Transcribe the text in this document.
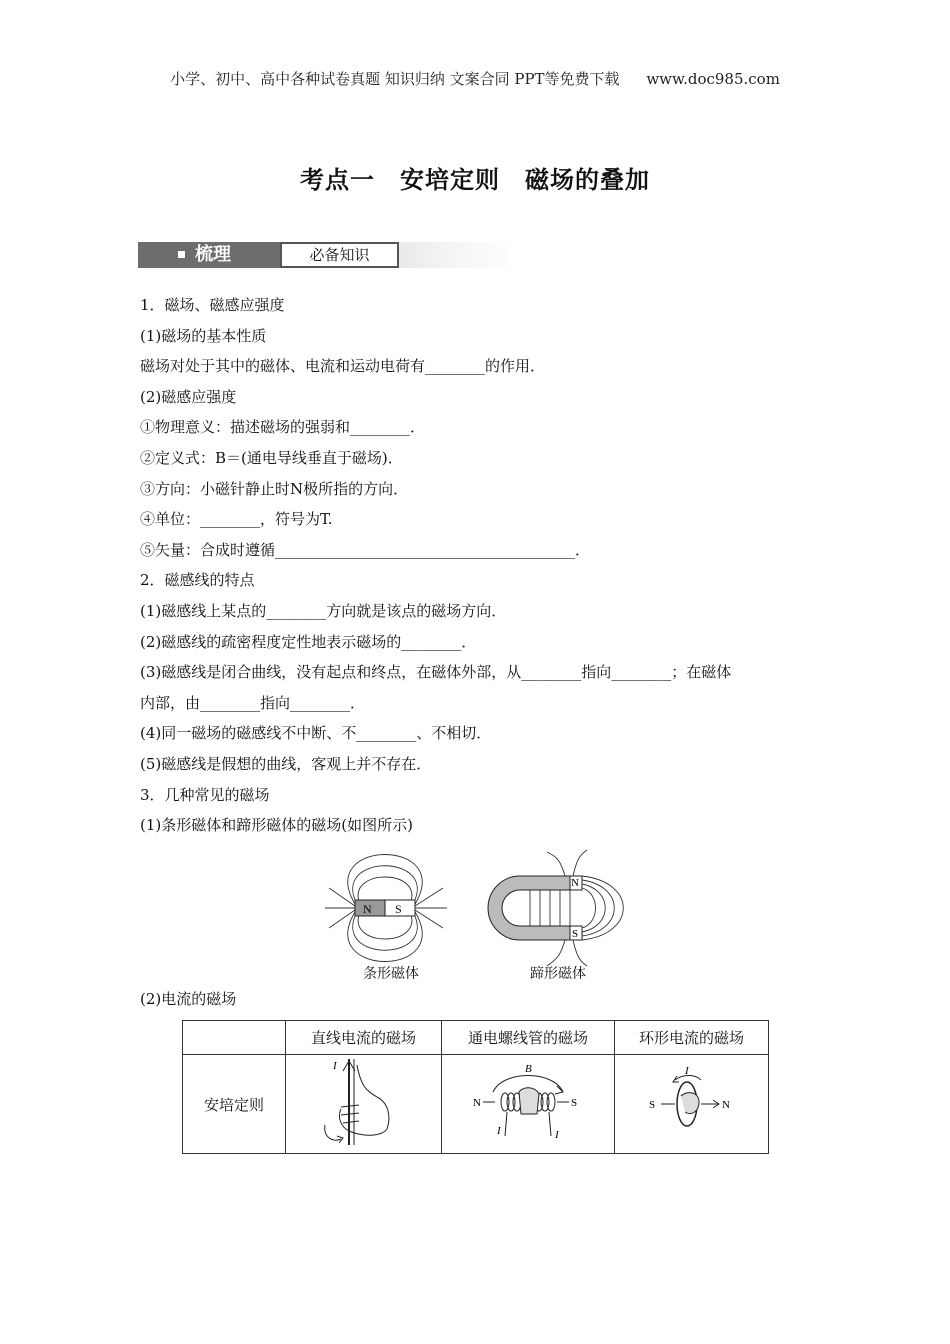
小学、初中、高中各种试卷真题 知识归纳 文案合同 PPT等免费下载 www.doc985.com
考点一　安培定则　磁场的叠加
梳理	必备知识

1．磁场、磁感应强度

(1)磁场的基本性质

磁场对处于其中的磁体、电流和运动电荷有________的作用．

(2)磁感应强度

①物理意义：描述磁场的强弱和________．

②定义式：B＝(通电导线垂直于磁场)．

③方向：小磁针静止时N极所指的方向．

④单位：________，符号为T.

⑤矢量：合成时遵循________________________________________．

2．磁感线的特点

(1)磁感线上某点的________方向就是该点的磁场方向．

(2)磁感线的疏密程度定性地表示磁场的________．

(3)磁感线是闭合曲线，没有起点和终点，在磁体外部，从________指向________；在磁体

内部，由________指向________．

(4)同一磁场的磁感线不中断、不________、不相切．

(5)磁感线是假想的曲线，客观上并不存在．

3．几种常见的磁场

(1)条形磁体和蹄形磁体的磁场(如图所示)

N S
N
S
条形磁体	蹄形磁体
(2)电流的磁场
	直线电流的磁场	通电螺线管的磁场	环形电流的磁场
安培定则	I	B
N S
I I	I
S N
